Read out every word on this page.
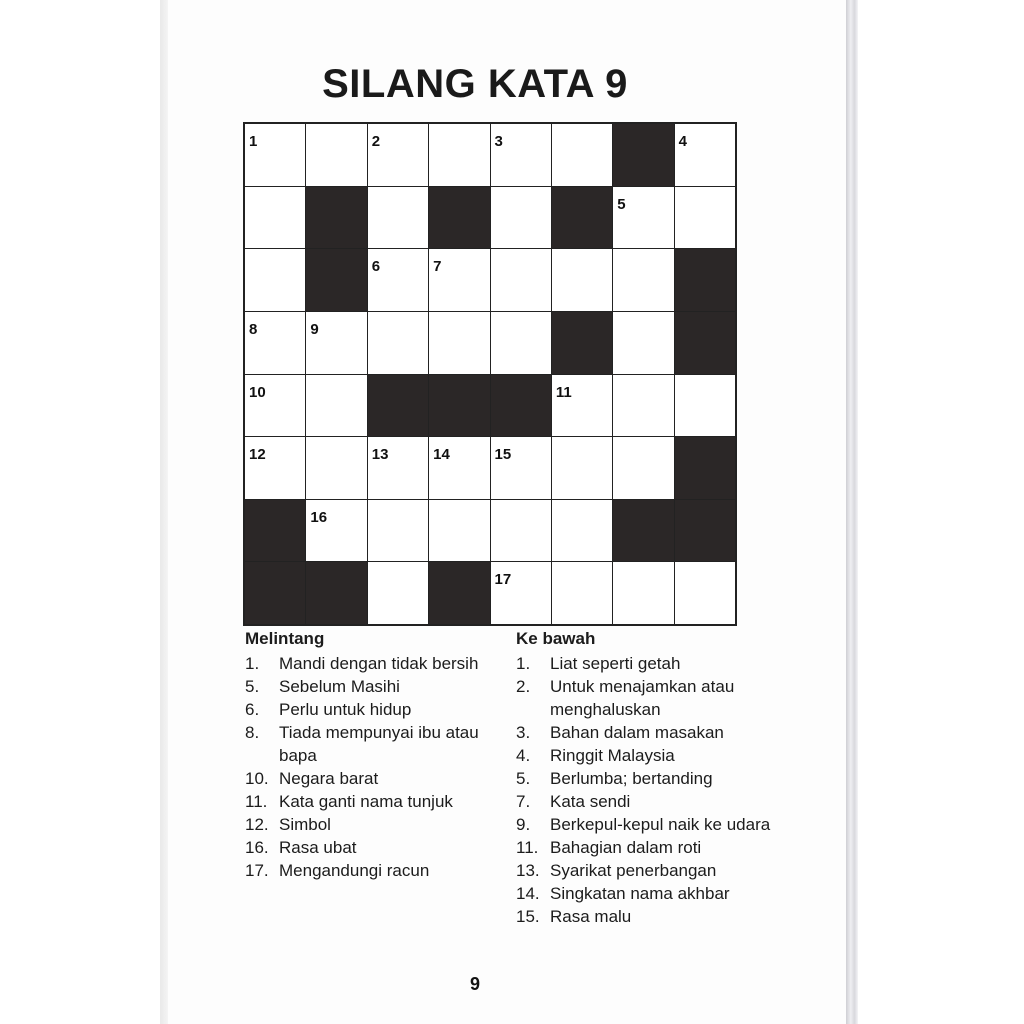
SILANG KATA 9
1	2	3	4
5
6	7
8	9
10	11
12	13	14	15
16
17
Melintang
1.	Mandi dengan tidak bersih
5.	Sebelum Masihi
6.	Perlu untuk hidup
8.	Tiada mempunyai ibu atau bapa
10. Negara barat
11. Kata ganti nama tunjuk
12. Simbol
16. Rasa ubat
17. Mengandungi racun
Ke bawah
1.	Liat seperti getah
2.	Untuk menajamkan atau menghaluskan
3.	Bahan dalam masakan
4.	Ringgit Malaysia
5.	Berlumba; bertanding
7.	Kata sendi
9.	Berkepul-kepul naik ke udara
11. Bahagian dalam roti
13. Syarikat penerbangan
14. Singkatan nama akhbar
15. Rasa malu
9
